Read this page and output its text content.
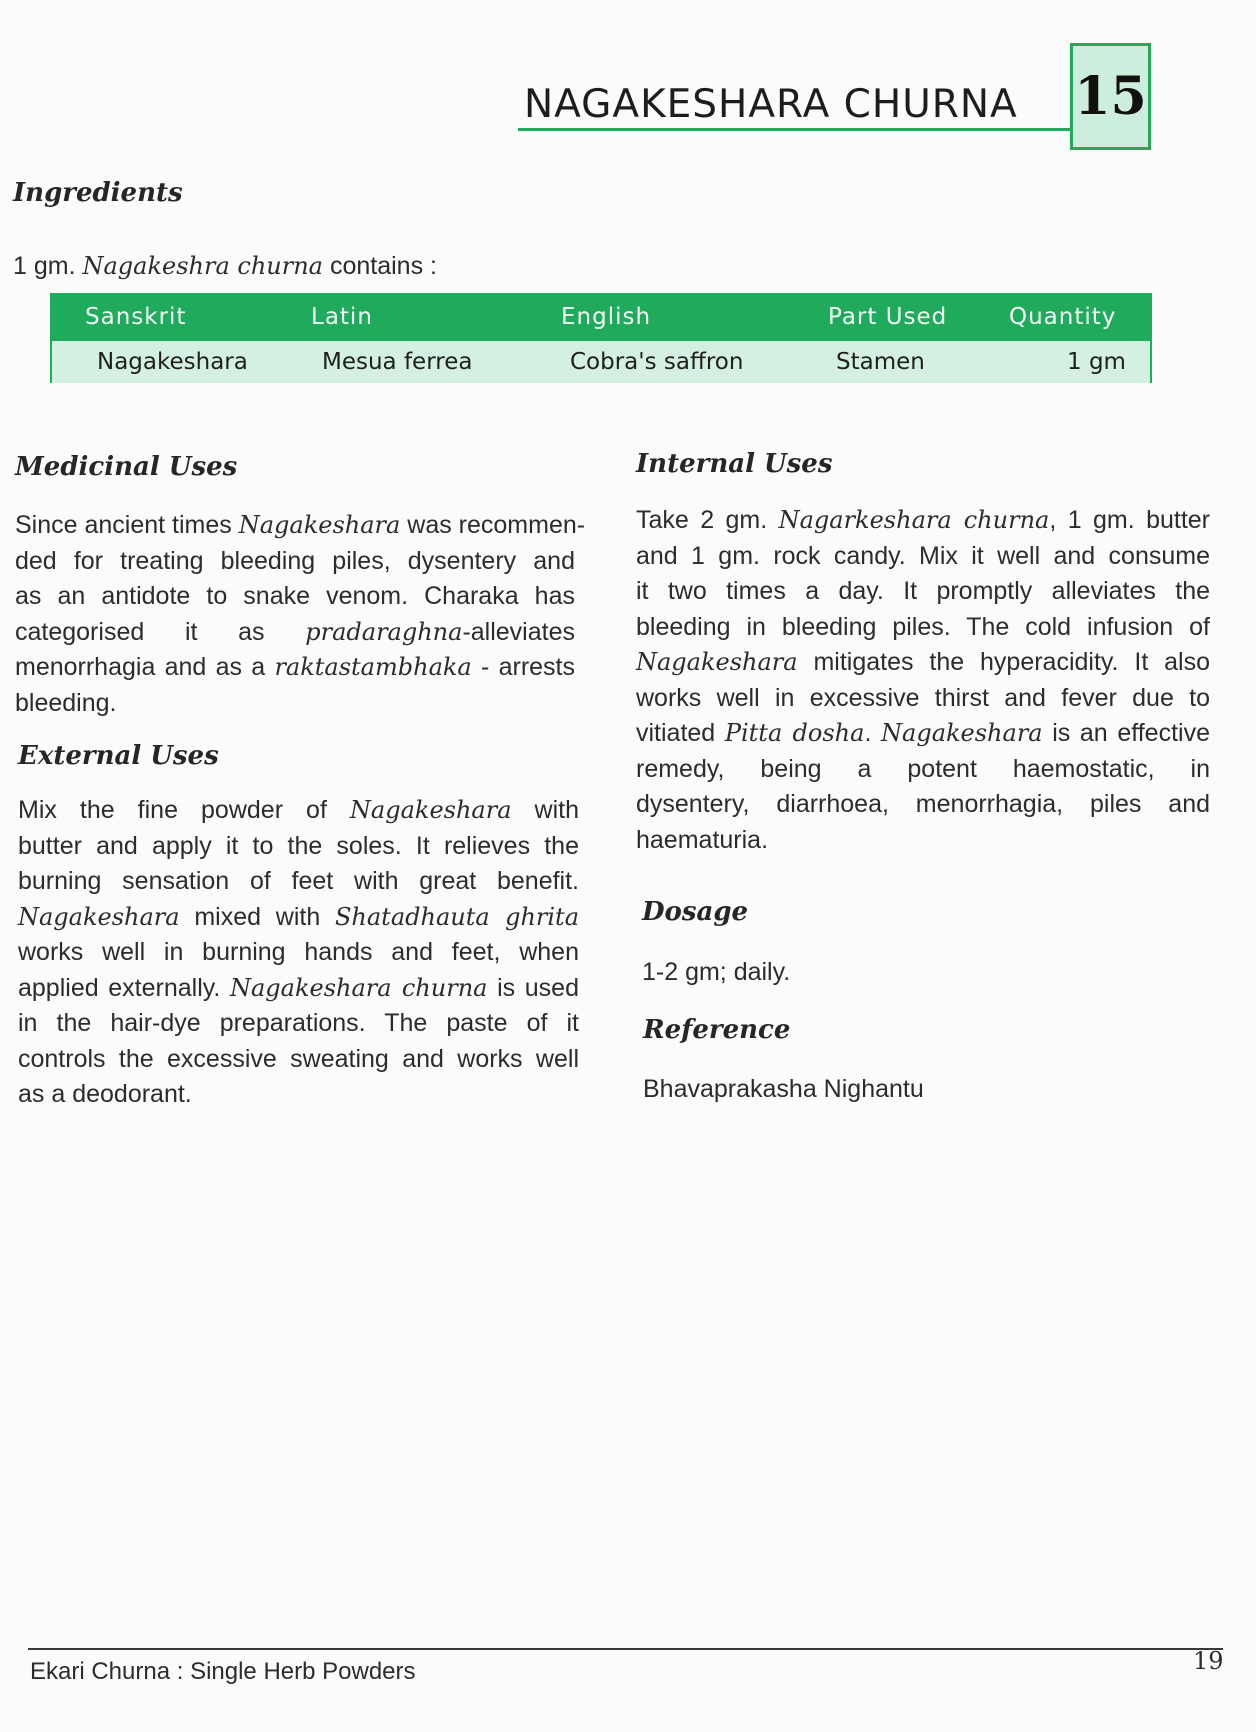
NAGAKESHARA CHURNA 15
Ingredients
1 gm. Nagakeshra churna contains :
Sanskrit	Latin	English	Part Used	Quantity
Nagakeshara	Mesua ferrea	Cobra's saffron	Stamen	1 gm
Medicinal Uses
Since ancient times Nagakeshara was recommen-
ded for treating bleeding piles, dysentery and
as an antidote to snake venom. Charaka has
categorised it as pradaraghna-alleviates
menorrhagia and as a raktastambhaka - arrests
bleeding.
External Uses
Mix the fine powder of Nagakeshara with
butter and apply it to the soles. It relieves the
burning sensation of feet with great benefit.
Nagakeshara mixed with Shatadhauta ghrita
works well in burning hands and feet, when
applied externally. Nagakeshara churna is used
in the hair-dye preparations. The paste of it
controls the excessive sweating and works well
as a deodorant.
Internal Uses
Take 2 gm. Nagarkeshara churna, 1 gm. butter
and 1 gm. rock candy. Mix it well and consume
it two times a day. It promptly alleviates the
bleeding in bleeding piles. The cold infusion of
Nagakeshara mitigates the hyperacidity. It also
works well in excessive thirst and fever due to
vitiated Pitta dosha. Nagakeshara is an effective
remedy, being a potent haemostatic, in
dysentery, diarrhoea, menorrhagia, piles and
haematuria.
Dosage
1-2 gm; daily.
Reference
Bhavaprakasha Nighantu
Ekari Churna : Single Herb Powders	19
